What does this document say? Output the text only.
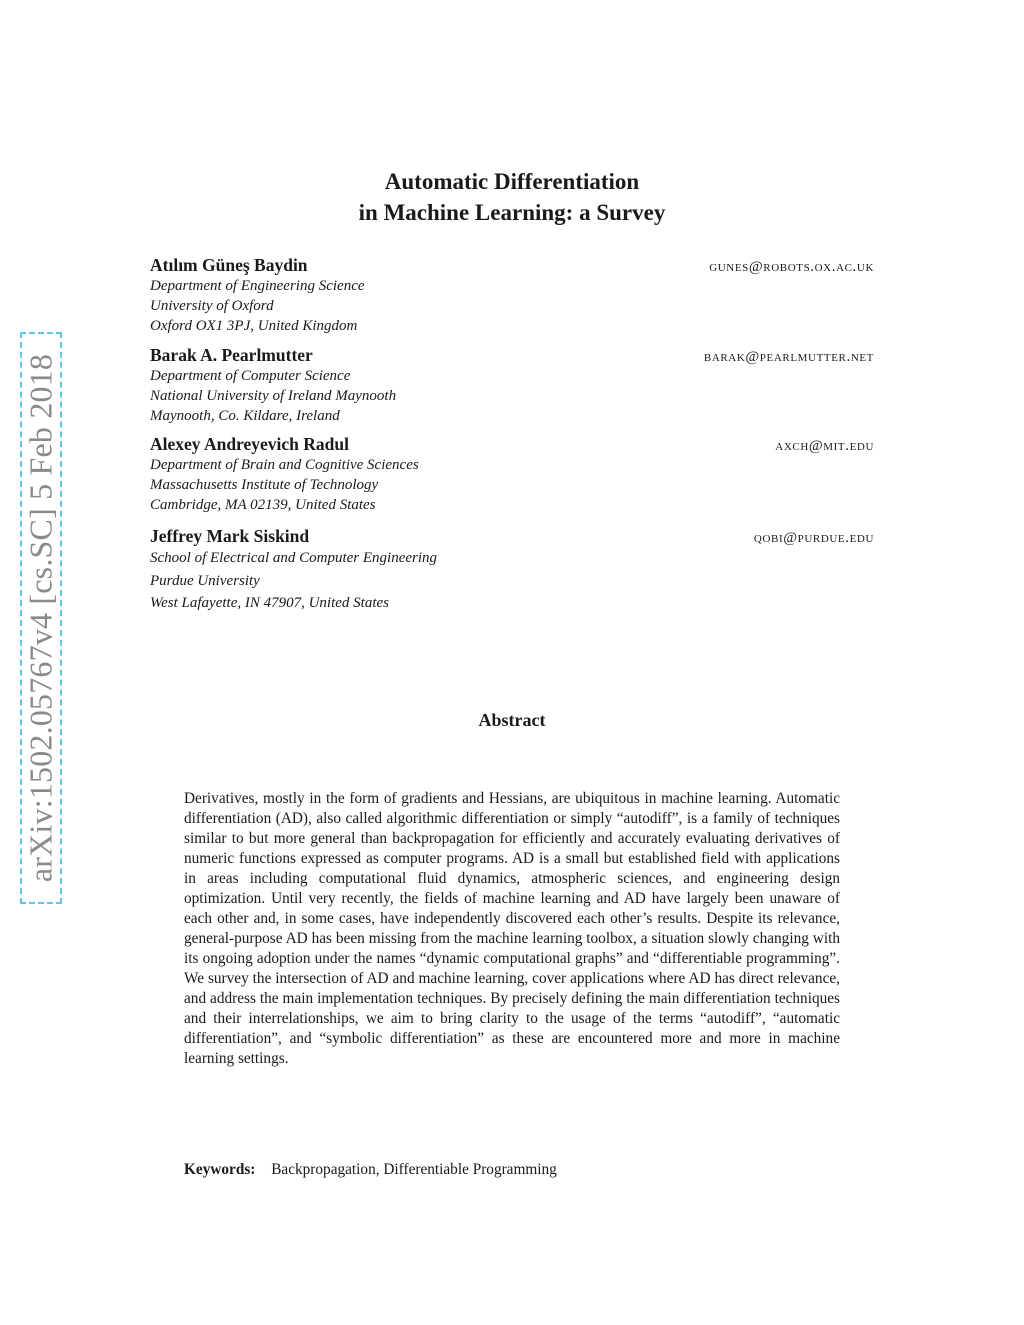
arXiv:1502.05767v4 [cs.SC] 5 Feb 2018
Automatic Differentiation
in Machine Learning: a Survey
Atılım Güneş Baydin	gunes@robots.ox.ac.uk
Department of Engineering Science
University of Oxford
Oxford OX1 3PJ, United Kingdom
Barak A. Pearlmutter	barak@pearlmutter.net
Department of Computer Science
National University of Ireland Maynooth
Maynooth, Co. Kildare, Ireland
Alexey Andreyevich Radul	axch@mit.edu
Department of Brain and Cognitive Sciences
Massachusetts Institute of Technology
Cambridge, MA 02139, United States
Jeffrey Mark Siskind	qobi@purdue.edu
School of Electrical and Computer Engineering
Purdue University
West Lafayette, IN 47907, United States
Abstract
Derivatives, mostly in the form of gradients and Hessians, are ubiquitous in machine learning. Automatic differentiation (AD), also called algorithmic differentiation or simply “autodiff”, is a family of techniques similar to but more general than backpropagation for efficiently and accurately evaluating derivatives of numeric functions expressed as computer programs. AD is a small but established field with applications in areas including computational fluid dynamics, atmospheric sciences, and engineering design optimization. Until very recently, the fields of machine learning and AD have largely been unaware of each other and, in some cases, have independently discovered each other’s results. Despite its relevance, general-purpose AD has been missing from the machine learning toolbox, a situation slowly changing with its ongoing adoption under the names “dynamic computational graphs” and “differentiable programming”. We survey the intersection of AD and machine learning, cover applications where AD has direct relevance, and address the main implementation techniques. By precisely defining the main differentiation techniques and their interrelationships, we aim to bring clarity to the usage of the terms “autodiff”, “automatic differentiation”, and “symbolic differentiation” as these are encountered more and more in machine learning settings.
Keywords: Backpropagation, Differentiable Programming
